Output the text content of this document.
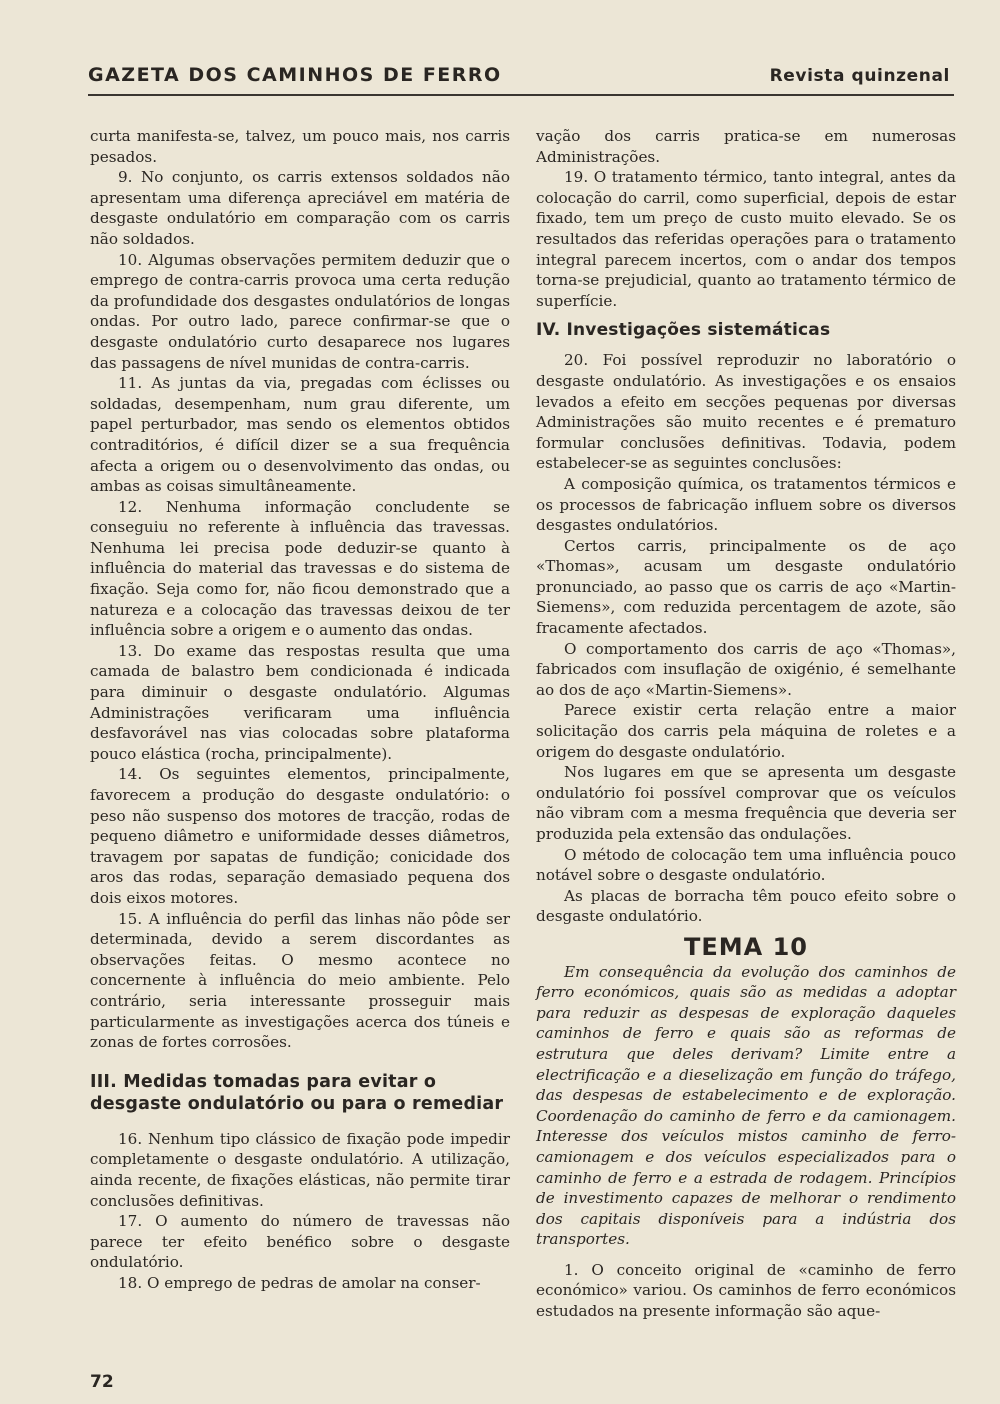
GAZETA DOS CAMINHOS DE FERRO	Revista quinzenal

curta manifesta-se, talvez, um pouco mais, nos carris pesados.

9. No conjunto, os carris extensos soldados não apresentam uma diferença apreciável em matéria de desgaste ondulatório em comparação com os carris não soldados.

10. Algumas observações permitem deduzir que o emprego de contra-carris provoca uma certa redução da profundidade dos desgastes ondulatórios de longas ondas. Por outro lado, parece confirmar-se que o desgaste ondulatório curto desaparece nos lugares das passagens de nível munidas de contra-carris.

11. As juntas da via, pregadas com éclisses ou soldadas, desempenham, num grau diferente, um papel perturbador, mas sendo os elementos obtidos contraditórios, é difícil dizer se a sua frequência afecta a origem ou o desenvolvimento das ondas, ou ambas as coisas simultâneamente.

12. Nenhuma informação concludente se conseguiu no referente à influência das travessas. Nenhuma lei precisa pode deduzir-se quanto à influência do material das travessas e do sistema de fixação. Seja como for, não ficou demonstrado que a natureza e a colocação das travessas deixou de ter influência sobre a origem e o aumento das ondas.

13. Do exame das respostas resulta que uma camada de balastro bem condicionada é indicada para diminuir o desgaste ondulatório. Algumas Administrações verificaram uma influência desfavorável nas vias colocadas sobre plataforma pouco elástica (rocha, principalmente).

14. Os seguintes elementos, principalmente, favorecem a produção do desgaste ondulatório: o peso não suspenso dos motores de tracção, rodas de pequeno diâmetro e uniformidade desses diâmetros, travagem por sapatas de fundição; conicidade dos aros das rodas, separação demasiado pequena dos dois eixos motores.

15. A influência do perfil das linhas não pôde ser determinada, devido a serem discordantes as observações feitas. O mesmo acontece no concernente à influência do meio ambiente. Pelo contrário, seria interessante prosseguir mais particularmente as investigações acerca dos túneis e zonas de fortes corrosões.

III. Medidas tomadas para evitar o desgaste ondulatório ou para o remediar

16. Nenhum tipo clássico de fixação pode impedir completamente o desgaste ondulatório. A utilização, ainda recente, de fixações elásticas, não permite tirar conclusões definitivas.

17. O aumento do número de travessas não parece ter efeito benéfico sobre o desgaste ondulatório.

18. O emprego de pedras de amolar na conser-

vação dos carris pratica-se em numerosas Administrações.

19. O tratamento térmico, tanto integral, antes da colocação do carril, como superficial, depois de estar fixado, tem um preço de custo muito elevado. Se os resultados das referidas operações para o tratamento integral parecem incertos, com o andar dos tempos torna-se prejudicial, quanto ao tratamento térmico de superfície.

IV. Investigações sistemáticas

20. Foi possível reproduzir no laboratório o desgaste ondulatório. As investigações e os ensaios levados a efeito em secções pequenas por diversas Administrações são muito recentes e é prematuro formular conclusões definitivas. Todavia, podem estabelecer-se as seguintes conclusões:

A composição química, os tratamentos térmicos e os processos de fabricação influem sobre os diversos desgastes ondulatórios.

Certos carris, principalmente os de aço «Thomas», acusam um desgaste ondulatório pronunciado, ao passo que os carris de aço «Martin-Siemens», com reduzida percentagem de azote, são fracamente afectados.

O comportamento dos carris de aço «Thomas», fabricados com insuflação de oxigénio, é semelhante ao dos de aço «Martin-Siemens».

Parece existir certa relação entre a maior solicitação dos carris pela máquina de roletes e a origem do desgaste ondulatório.

Nos lugares em que se apresenta um desgaste ondulatório foi possível comprovar que os veículos não vibram com a mesma frequência que deveria ser produzida pela extensão das ondulações.

O método de colocação tem uma influência pouco notável sobre o desgaste ondulatório.

As placas de borracha têm pouco efeito sobre o desgaste ondulatório.

TEMA 10

Em consequência da evolução dos caminhos de ferro económicos, quais são as medidas a adoptar para reduzir as despesas de exploração daqueles caminhos de ferro e quais são as reformas de estrutura que deles derivam? Limite entre a electrificação e a dieselização em função do tráfego, das despesas de estabelecimento e de exploração. Coordenação do caminho de ferro e da camionagem. Interesse dos veículos mistos caminho de ferro-camionagem e dos veículos especializados para o caminho de ferro e a estrada de rodagem. Princípios de investimento capazes de melhorar o rendimento dos capitais disponíveis para a indústria dos transportes.

1. O conceito original de «caminho de ferro económico» variou. Os caminhos de ferro económicos estudados na presente informação são aque-

72
